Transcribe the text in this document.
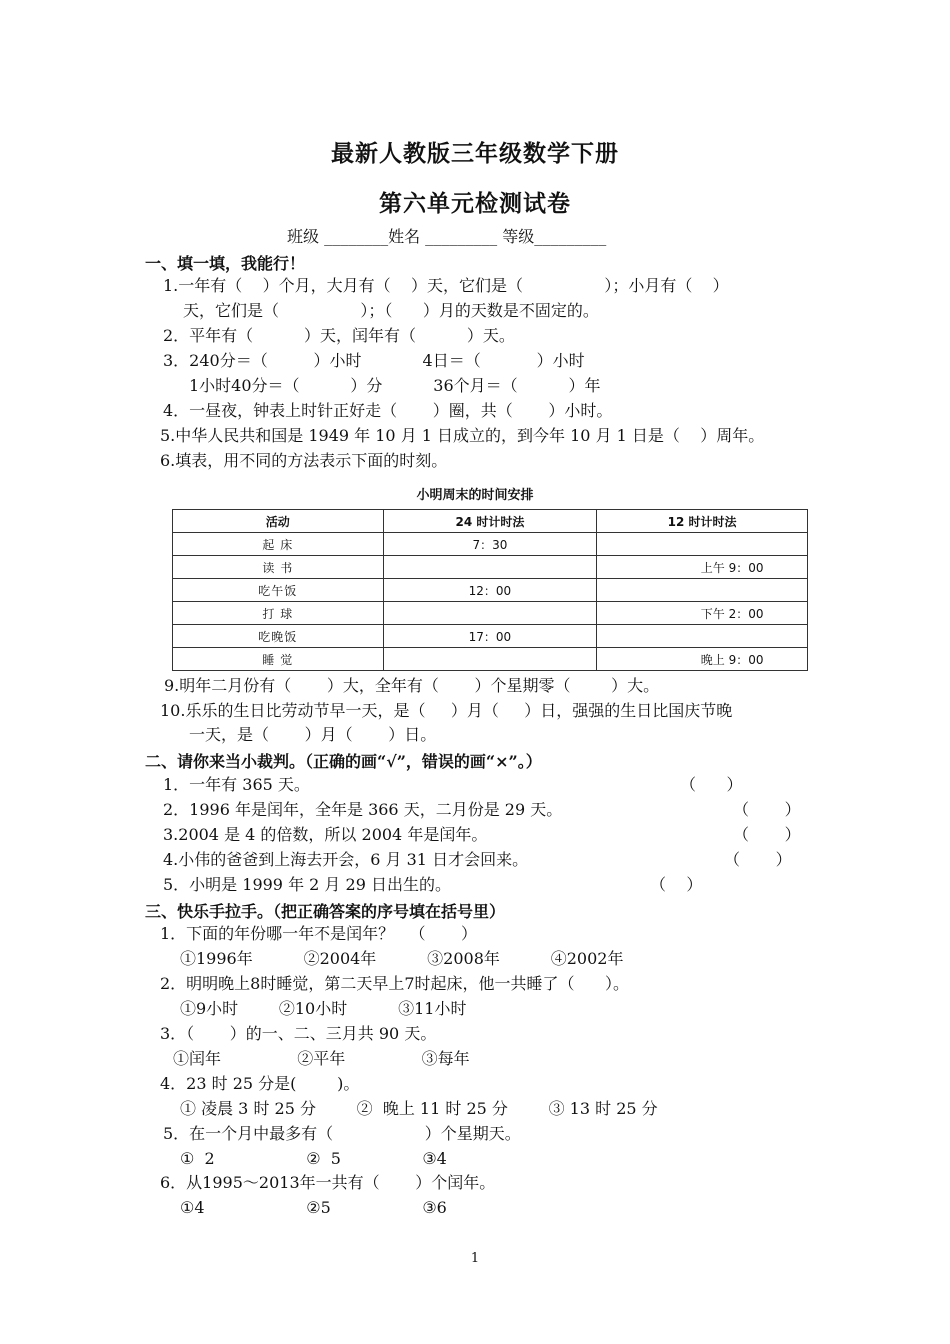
最新人教版三年级数学下册
第六单元检测试卷
班级 ________姓名 _________ 等级_________
一、填一填，我能行！
1.一年有（    ）个月，大月有（    ）天，它们是（                ）；小月有（    ）
天，它们是（                ）；（      ）月的天数是不固定的。
2．平年有（          ）天，闰年有（          ）天。
3．240分＝（         ）小时            4日＝（           ）小时
1小时40分＝（          ）分          36个月＝（          ）年
4．一昼夜，钟表上时针正好走（       ）圈，共（       ）小时。
5.中华人民共和国是 1949 年 10 月 1 日成立的，到今年 10 月 1 日是（    ）周年。
6.填表，用不同的方法表示下面的时刻。
小明周末的时间安排
活动	24 时计时法	12 时计时法
起 床	7：30	
读 书		上午 9：00
吃午饭	12：00	
打 球		下午 2：00
吃晚饭	17：00	
睡 觉		晚上 9：00
9.明年二月份有（       ）大，全年有（       ）个星期零（        ）大。
10.乐乐的生日比劳动节早一天，是（     ）月（     ）日，强强的生日比国庆节晚
一天，是（       ）月（       ）日。
二、请你来当小裁判。（正确的画“√”，错误的画“×”。）
1．一年有 365 天。	（      ）
2．1996 年是闰年，全年是 366 天，二月份是 29 天。	（       ）
3.2004 是 4 的倍数，所以 2004 年是闰年。	（       ）
4.小伟的爸爸到上海去开会，6 月 31 日才会回来。	（       ）
5．小明是 1999 年 2 月 29 日出生的。	（    ）
三、快乐手拉手。（把正确答案的序号填在括号里）
1．下面的年份哪一年不是闰年？   （       ）
①1996年          ②2004年          ③2008年          ④2002年
2．明明晚上8时睡觉，第二天早上7时起床，他一共睡了（      ）。
①9小时        ②10小时          ③11小时
3．（       ）的一、二、三月共 90 天。
①闰年               ②平年               ③每年
4．23 时 25 分是(        )。
① 凌晨 3 时 25 分        ②  晚上 11 时 25 分        ③ 13 时 25 分
5．在一个月中最多有（                  ）个星期天。
①  2                  ②  5                ③4
6．从1995～2013年一共有（       ）个闰年。
①4                    ②5                  ③6
1
